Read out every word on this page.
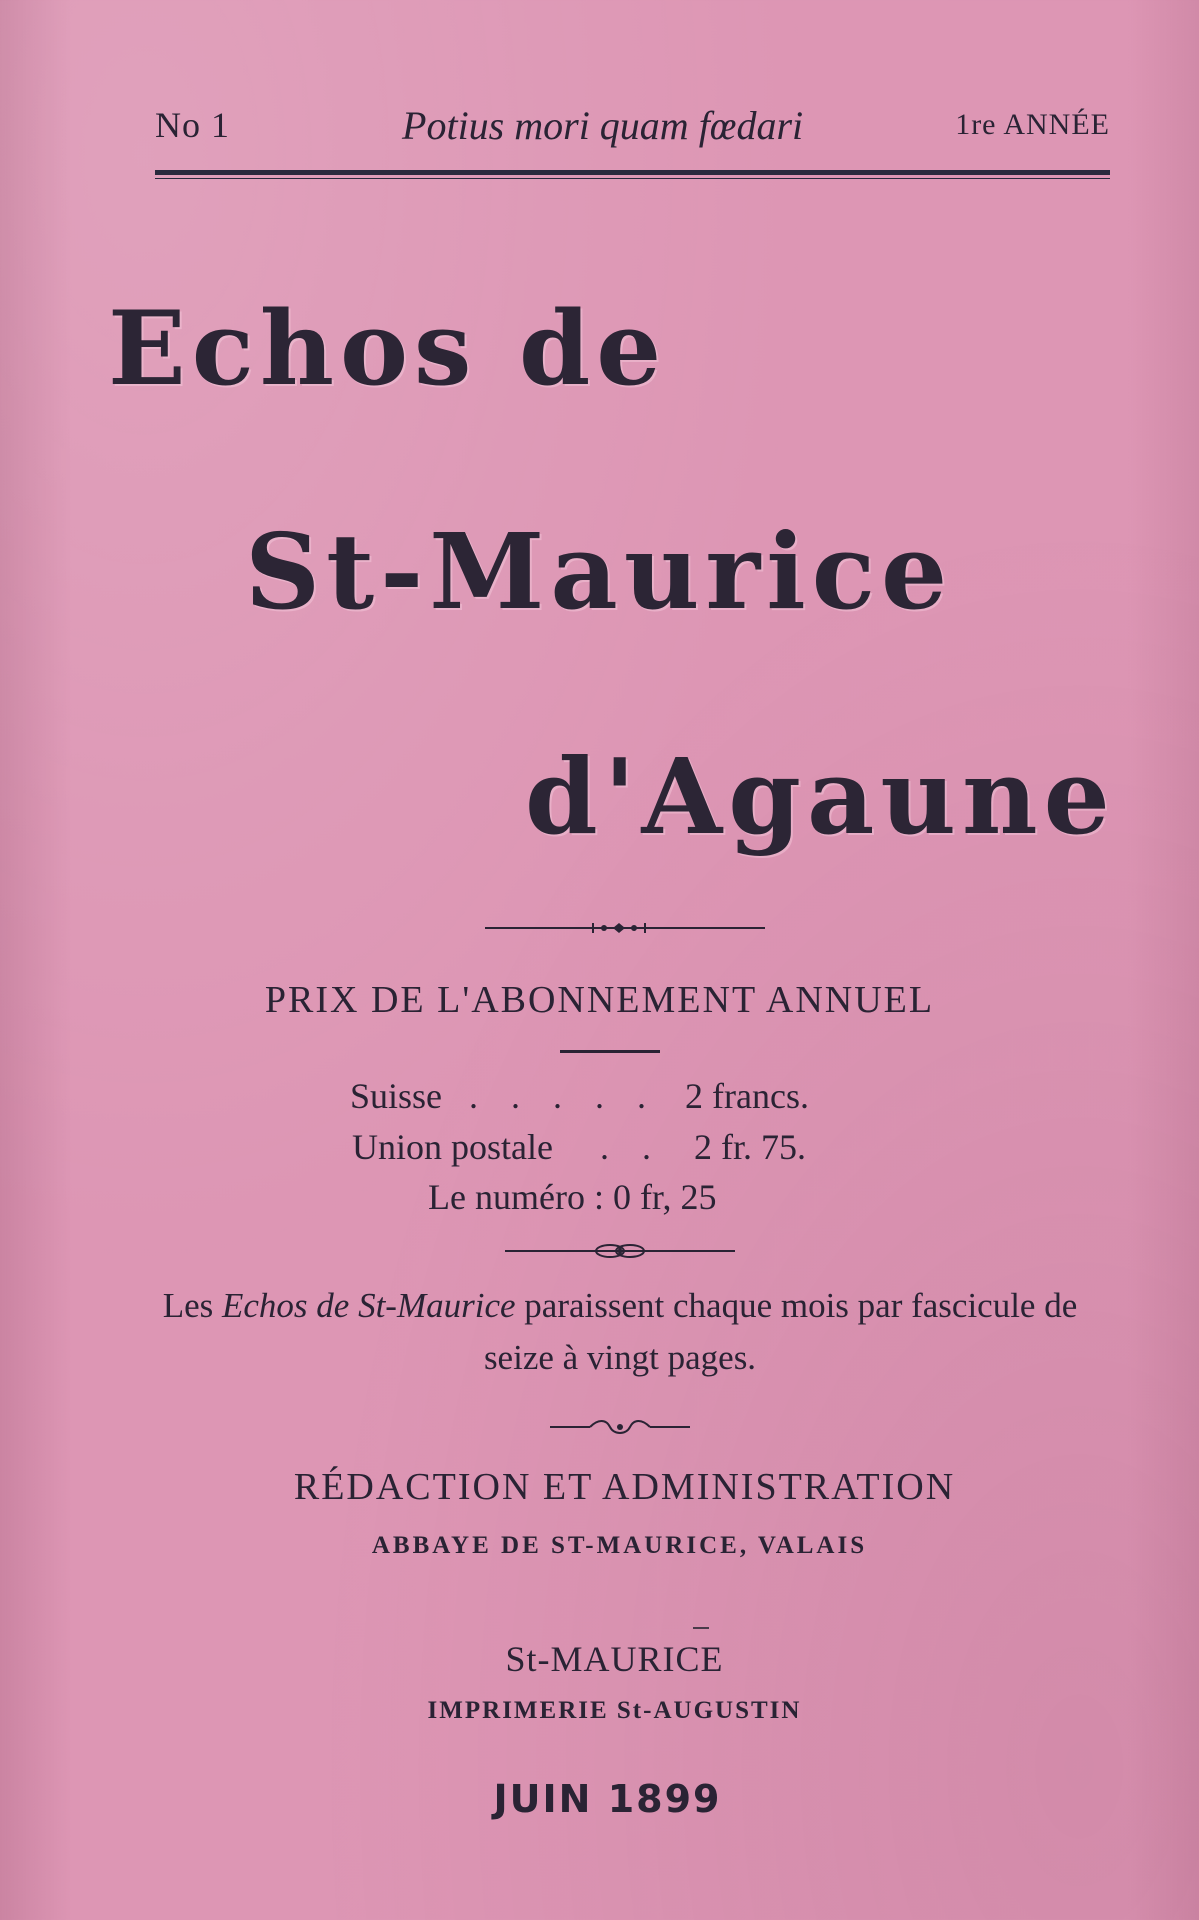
No 1	Potius mori quam fœdari	1re ANNÉE
Echos de
St-Maurice
d'Agaune
PRIX DE L'ABONNEMENT ANNUEL
Suisse . . . . . 2 francs.
Union postale . . 2 fr. 75.
Le numéro : 0 fr, 25
Les Echos de St-Maurice paraissent chaque mois par fascicule de seize à vingt pages.
RÉDACTION ET ADMINISTRATION
ABBAYE DE ST-MAURICE, VALAIS
St-MAURICE
IMPRIMERIE St-AUGUSTIN
JUIN 1899
